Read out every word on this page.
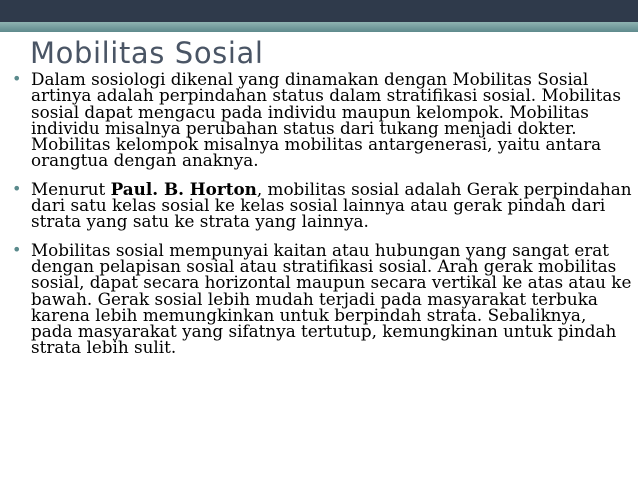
Mobilitas Sosial
• Dalam sosiologi dikenal yang dinamakan dengan Mobilitas Sosial artinya adalah perpindahan status dalam stratifikasi sosial. Mobilitas sosial dapat mengacu pada individu maupun kelompok. Mobilitas individu misalnya perubahan status dari tukang menjadi dokter. Mobilitas kelompok misalnya mobilitas antargenerasi, yaitu antara orangtua dengan anaknya.
• Menurut Paul. B. Horton, mobilitas sosial adalah Gerak perpindahan dari satu kelas sosial ke kelas sosial lainnya atau gerak pindah dari strata yang satu ke strata yang lainnya.
• Mobilitas sosial mempunyai kaitan atau hubungan yang sangat erat dengan pelapisan sosial atau stratifikasi sosial. Arah gerak mobilitas sosial, dapat secara horizontal maupun secara vertikal ke atas atau ke bawah. Gerak sosial lebih mudah terjadi pada masyarakat terbuka karena lebih memungkinkan untuk berpindah strata. Sebaliknya, pada masyarakat yang sifatnya tertutup, kemungkinan untuk pindah strata lebih sulit.
